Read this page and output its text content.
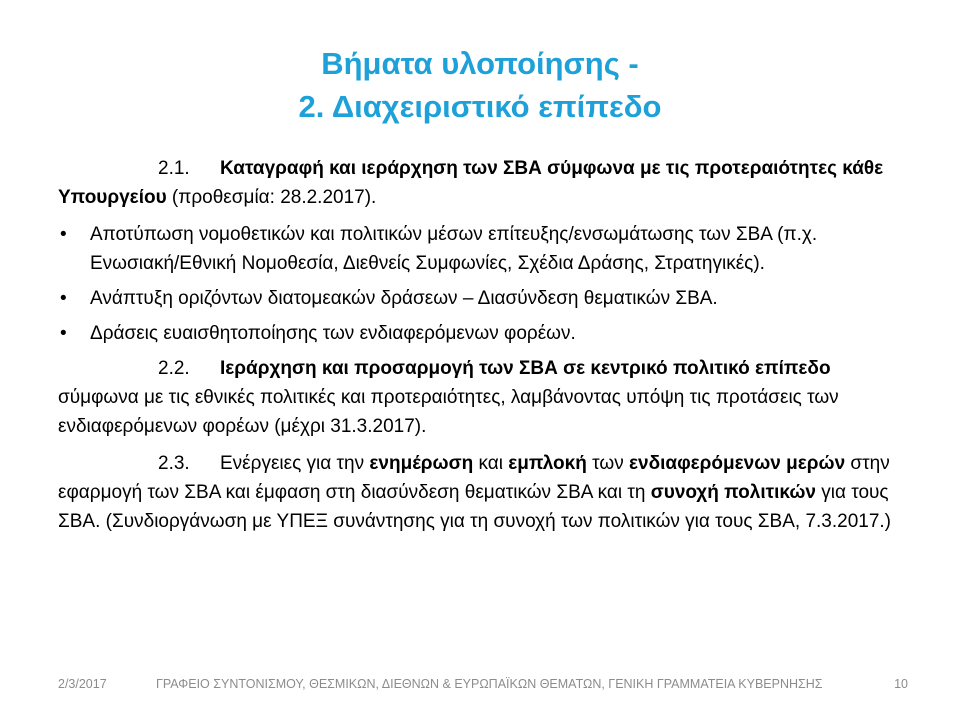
Βήματα υλοποίησης -
2. Διαχειριστικό επίπεδο

2.1. Καταγραφή και ιεράρχηση των ΣΒΑ σύμφωνα με τις προτεραιότητες κάθε Υπουργείου (προθεσμία: 28.2.2017).

• Αποτύπωση νομοθετικών και πολιτικών μέσων επίτευξης/ενσωμάτωσης των ΣΒΑ (π.χ. Ενωσιακή/Εθνική Νομοθεσία, Διεθνείς Συμφωνίες, Σχέδια Δράσης, Στρατηγικές).
• Ανάπτυξη οριζόντων διατομεακών δράσεων – Διασύνδεση θεματικών ΣΒΑ.
• Δράσεις ευαισθητοποίησης των ενδιαφερόμενων φορέων.

2.2. Ιεράρχηση και προσαρμογή των ΣΒΑ σε κεντρικό πολιτικό επίπεδο σύμφωνα με τις εθνικές πολιτικές και προτεραιότητες, λαμβάνοντας υπόψη τις προτάσεις των ενδιαφερόμενων φορέων (μέχρι 31.3.2017).

2.3. Ενέργειες για την ενημέρωση και εμπλοκή των ενδιαφερόμενων μερών στην εφαρμογή των ΣΒΑ και έμφαση στη διασύνδεση θεματικών ΣΒΑ και τη συνοχή πολιτικών για τους ΣΒΑ. (Συνδιοργάνωση με ΥΠΕΞ συνάντησης για τη συνοχή των πολιτικών για τους ΣΒΑ, 7.3.2017.)

2/3/2017	ΓΡΑΦΕΙΟ ΣΥΝΤΟΝΙΣΜΟΥ, ΘΕΣΜΙΚΩΝ, ΔΙΕΘΝΩΝ & ΕΥΡΩΠΑΪΚΩΝ ΘΕΜΑΤΩΝ, ΓΕΝΙΚΗ ΓΡΑΜΜΑΤΕΙΑ ΚΥΒΕΡΝΗΣΗΣ	10
